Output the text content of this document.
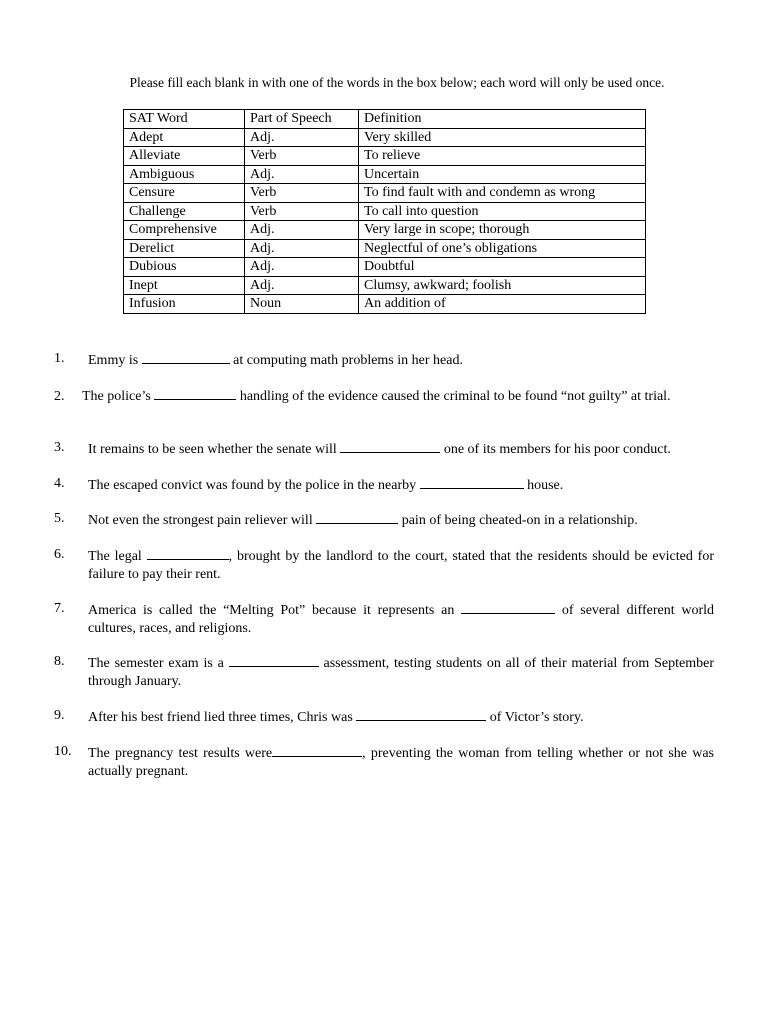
Please fill each blank in with one of the words in the box below; each word will only be used once.
SAT Word	Part of Speech	Definition
Adept	Adj.	Very skilled
Alleviate	Verb	To relieve
Ambiguous	Adj.	Uncertain
Censure	Verb	To find fault with and condemn as wrong
Challenge	Verb	To call into question
Comprehensive	Adj.	Very large in scope; thorough
Derelict	Adj.	Neglectful of one’s obligations
Dubious	Adj.	Doubtful
Inept	Adj.	Clumsy, awkward; foolish
Infusion	Noun	An addition of
1.	Emmy is	at computing math problems in her head.
2. The police’s	handling of the evidence caused the criminal to be found “not guilty” at trial.
3.	It remains to be seen whether the senate will	one of its members for his poor conduct.
4.	The escaped convict was found by the police in the nearby	house.
5.	Not even the strongest pain reliever will	pain of being cheated-on in a relationship.
6.	The legal	, brought by the landlord to the court, stated that the residents should be evicted for failure to pay their rent.
7.	America is called the “Melting Pot” because it represents an	of several different world cultures, races, and religions.
8.	The semester exam is a	assessment, testing students on all of their material from September through January.
9.	After his best friend lied three times, Chris was	of Victor’s story.
10.	The pregnancy test results were	, preventing the woman from telling whether or not she was actually pregnant.
